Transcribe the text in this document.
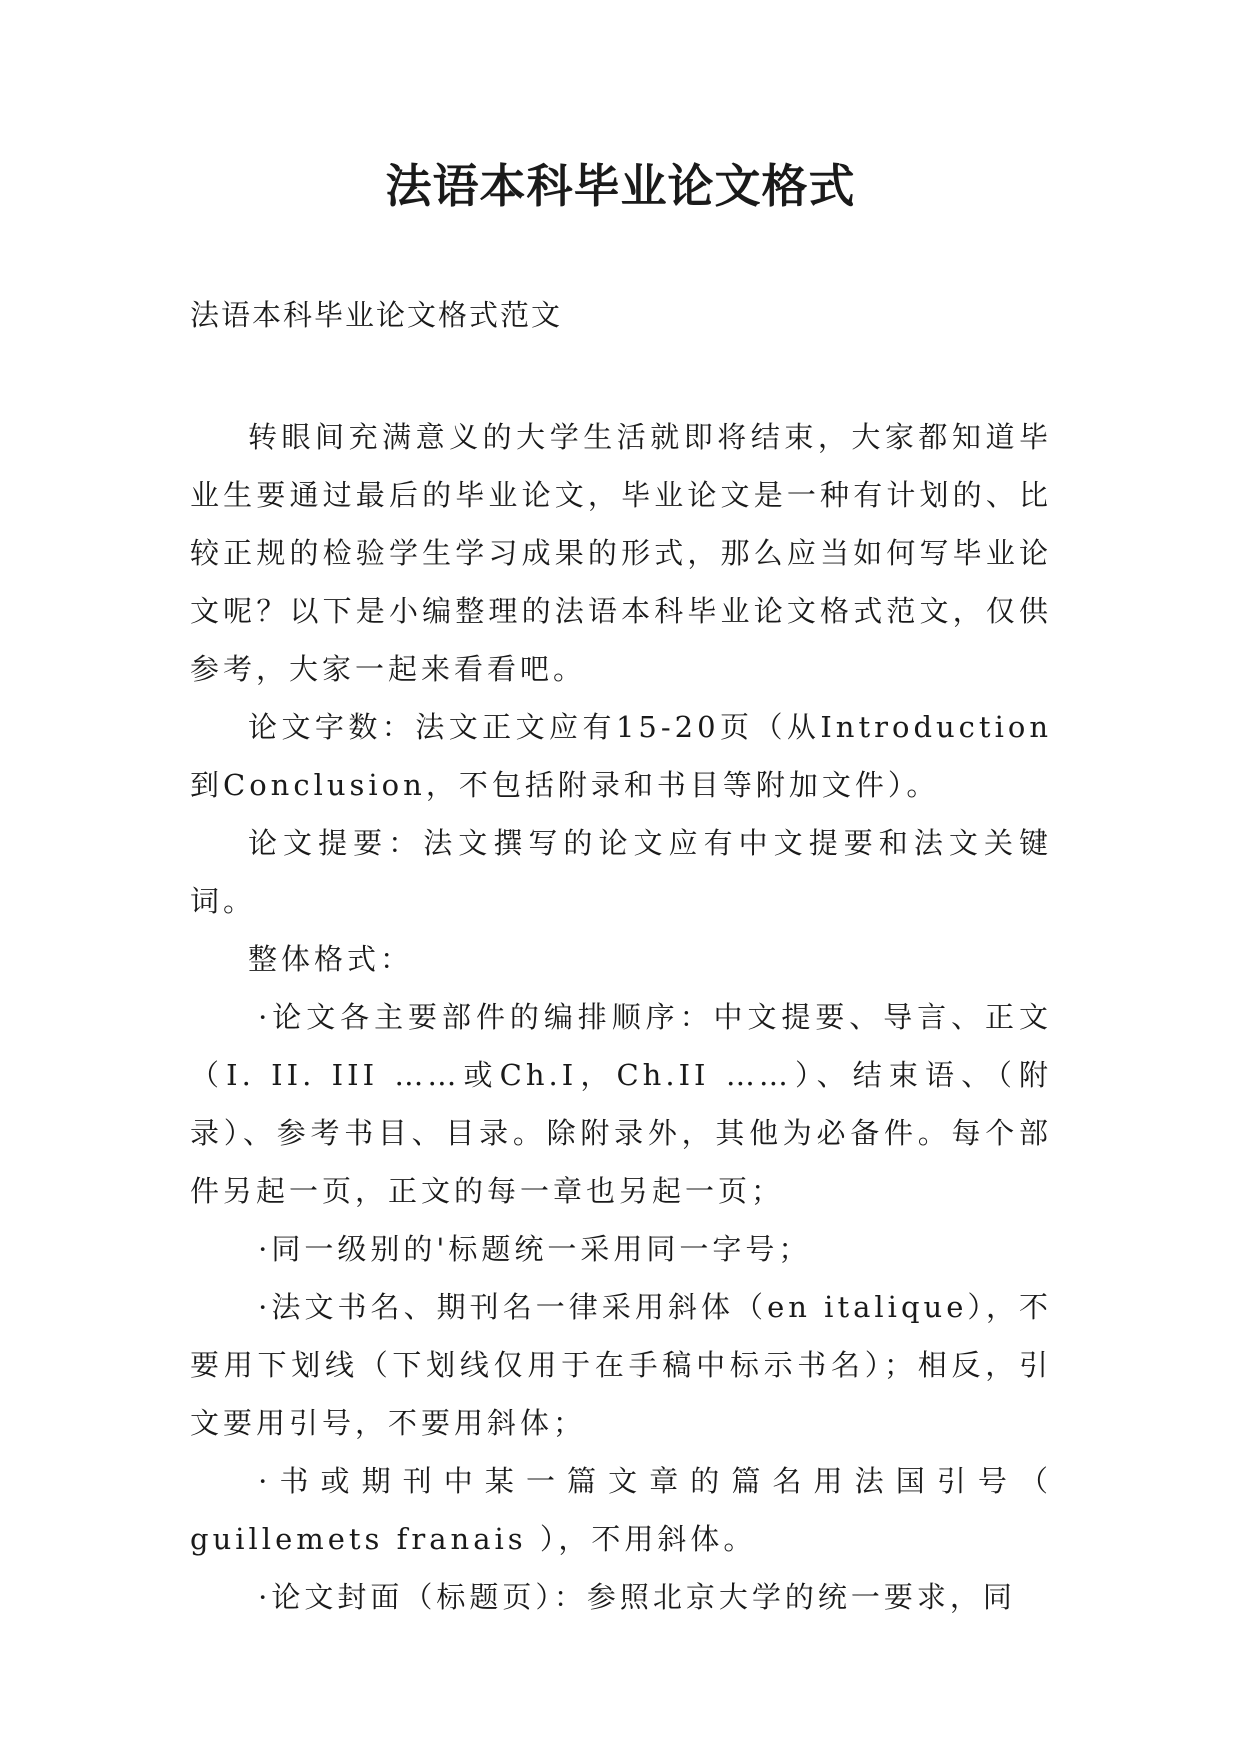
法语本科毕业论文格式
法语本科毕业论文格式范文

转眼间充满意义的大学生活就即将结束，大家都知道毕业生要通过最后的毕业论文，毕业论文是一种有计划的、比较正规的检验学生学习成果的形式，那么应当如何写毕业论文呢？以下是小编整理的法语本科毕业论文格式范文，仅供参考，大家一起来看看吧。

论文字数：法文正文应有15-20页（从Introduction到Conclusion，不包括附录和书目等附加文件）。

论文提要：法文撰写的论文应有中文提要和法文关键词。

整体格式：

·论文各主要部件的编排顺序：中文提要、导言、正文（I. II. III ……或Ch.I，Ch.II ……）、结束语、（附录）、参考书目、目录。除附录外，其他为必备件。每个部件另起一页，正文的每一章也另起一页；

·同一级别的'标题统一采用同一字号；

·法文书名、期刊名一律采用斜体（en italique），不要用下划线（下划线仅用于在手稿中标示书名）；相反，引文要用引号，不要用斜体；

·书或期刊中某一篇文章的篇名用法国引号（ guillemets franais ），不用斜体。

·论文封面（标题页）：参照北京大学的统一要求，同
